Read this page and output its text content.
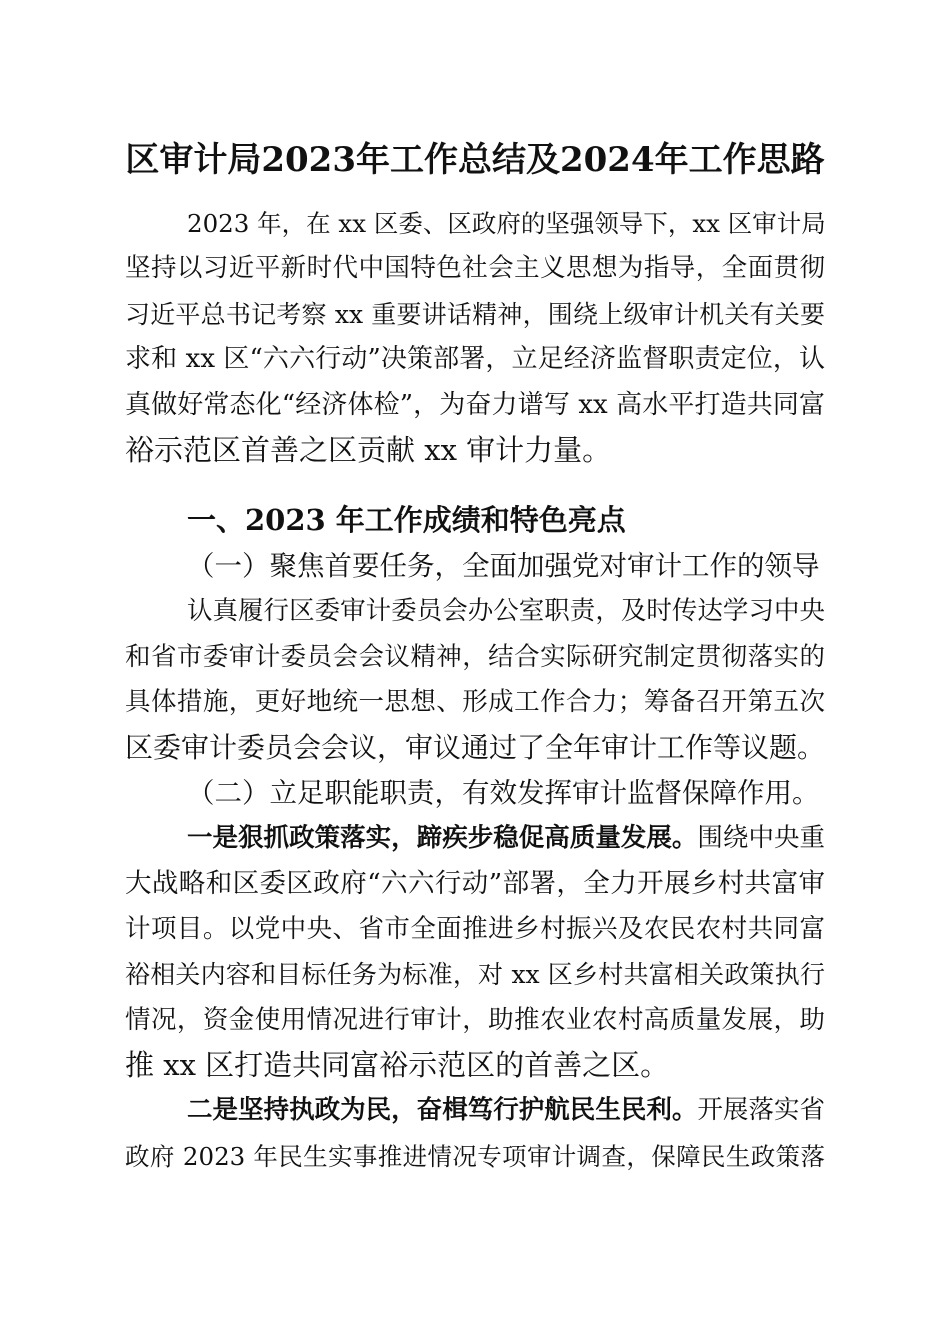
区审计局2023年工作总结及2024年工作思路
2023 年，在 xx 区委、区政府的坚强领导下，xx 区审计局
坚持以习近平新时代中国特色社会主义思想为指导，全面贯彻
习近平总书记考察 xx 重要讲话精神，围绕上级审计机关有关要
求和 xx 区“六六行动”决策部署，立足经济监督职责定位，认
真做好常态化“经济体检”，为奋力谱写 xx 高水平打造共同富
裕示范区首善之区贡献 xx 审计力量。
一、2023 年工作成绩和特色亮点
（一）聚焦首要任务，全面加强党对审计工作的领导
认真履行区委审计委员会办公室职责，及时传达学习中央
和省市委审计委员会会议精神，结合实际研究制定贯彻落实的
具体措施，更好地统一思想、形成工作合力；筹备召开第五次
区委审计委员会会议，审议通过了全年审计工作等议题。
（二）立足职能职责，有效发挥审计监督保障作用。
一是狠抓政策落实，蹄疾步稳促高质量发展。围绕中央重
大战略和区委区政府“六六行动”部署，全力开展乡村共富审
计项目。以党中央、省市全面推进乡村振兴及农民农村共同富
裕相关内容和目标任务为标准，对 xx 区乡村共富相关政策执行
情况，资金使用情况进行审计，助推农业农村高质量发展，助
推 xx 区打造共同富裕示范区的首善之区。
二是坚持执政为民，奋楫笃行护航民生民利。开展落实省
政府 2023 年民生实事推进情况专项审计调查，保障民生政策落
